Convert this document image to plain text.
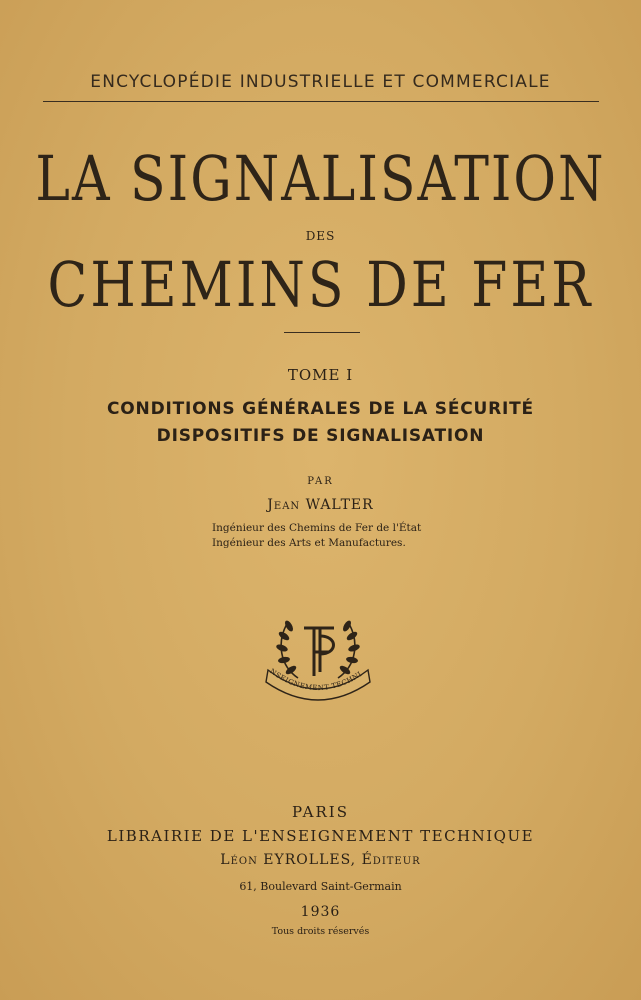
ENCYCLOPÉDIE INDUSTRIELLE ET COMMERCIALE
LA SIGNALISATION
DES
CHEMINS DE FER
TOME I
CONDITIONS GÉNÉRALES DE LA SÉCURITÉ
DISPOSITIFS DE SIGNALISATION
PAR
Jean WALTER
Ingénieur des Chemins de Fer de l'État
Ingénieur des Arts et Manufactures.
NSEIGNEMENT TECHNI
PARIS
LIBRAIRIE DE L'ENSEIGNEMENT TECHNIQUE
Léon EYROLLES, Éditeur
61, Boulevard Saint-Germain
1936
Tous droits réservés
